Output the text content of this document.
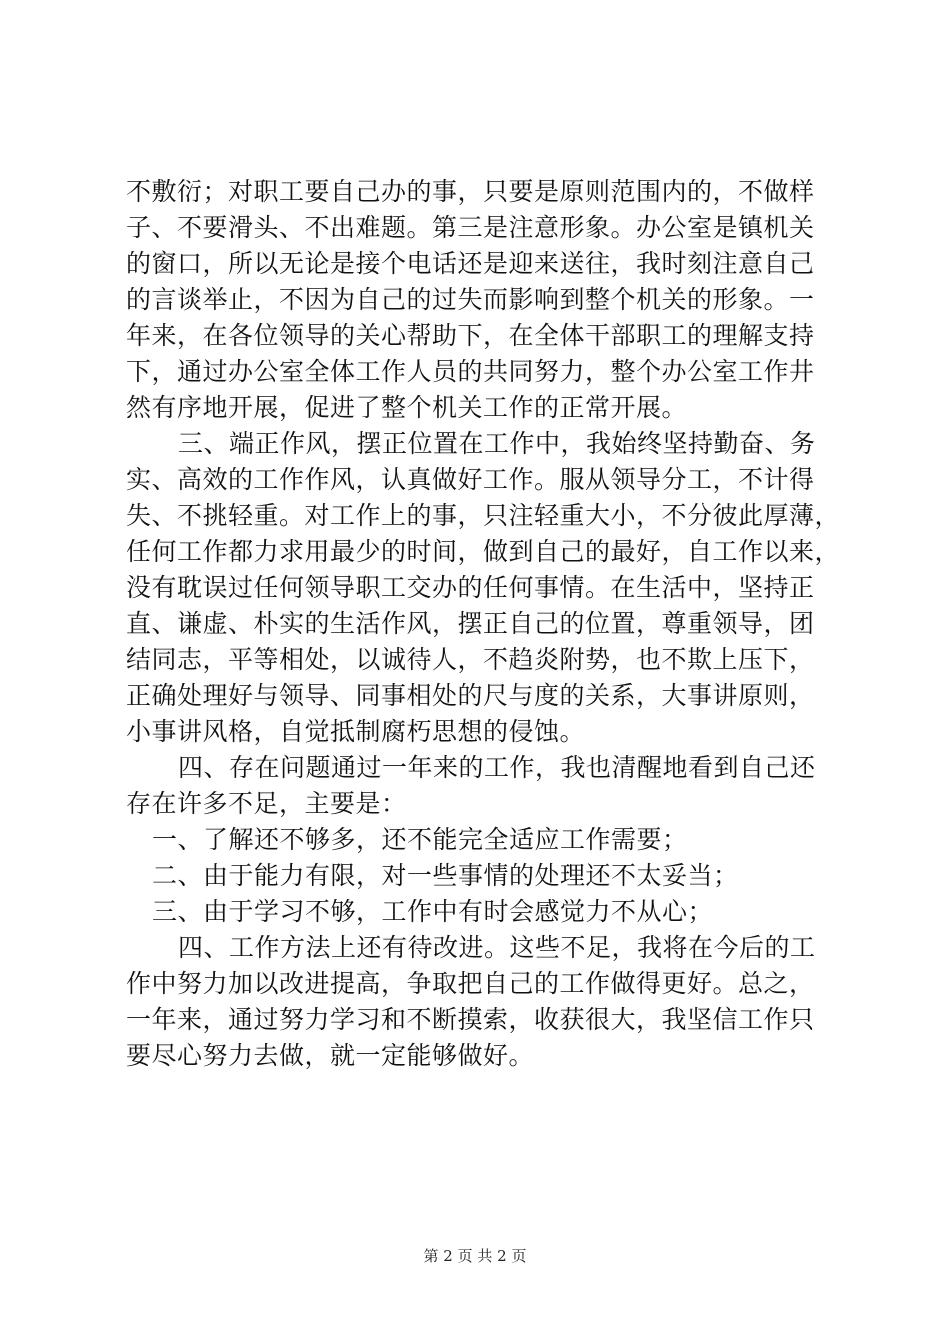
不敷衍；对职工要自己办的事，只要是原则范围内的，不做样
子、不要滑头、不出难题。第三是注意形象。办公室是镇机关
的窗口，所以无论是接个电话还是迎来送往，我时刻注意自己
的言谈举止，不因为自己的过失而影响到整个机关的形象。一
年来，在各位领导的关心帮助下，在全体干部职工的理解支持
下，通过办公室全体工作人员的共同努力，整个办公室工作井
然有序地开展，促进了整个机关工作的正常开展。
三、端正作风，摆正位置在工作中，我始终坚持勤奋、务
实、高效的工作作风，认真做好工作。服从领导分工，不计得
失、不挑轻重。对工作上的事，只注轻重大小，不分彼此厚薄，
任何工作都力求用最少的时间，做到自己的最好，自工作以来，
没有耽误过任何领导职工交办的任何事情。在生活中，坚持正
直、谦虚、朴实的生活作风，摆正自己的位置，尊重领导，团
结同志，平等相处，以诚待人，不趋炎附势，也不欺上压下，
正确处理好与领导、同事相处的尺与度的关系，大事讲原则，
小事讲风格，自觉抵制腐朽思想的侵蚀。
四、存在问题通过一年来的工作，我也清醒地看到自己还
存在许多不足，主要是：
一、了解还不够多，还不能完全适应工作需要；
二、由于能力有限，对一些事情的处理还不太妥当；
三、由于学习不够，工作中有时会感觉力不从心；
四、工作方法上还有待改进。这些不足，我将在今后的工
作中努力加以改进提高，争取把自己的工作做得更好。总之，
一年来，通过努力学习和不断摸索，收获很大，我坚信工作只
要尽心努力去做，就一定能够做好。
第 2 页 共 2 页
